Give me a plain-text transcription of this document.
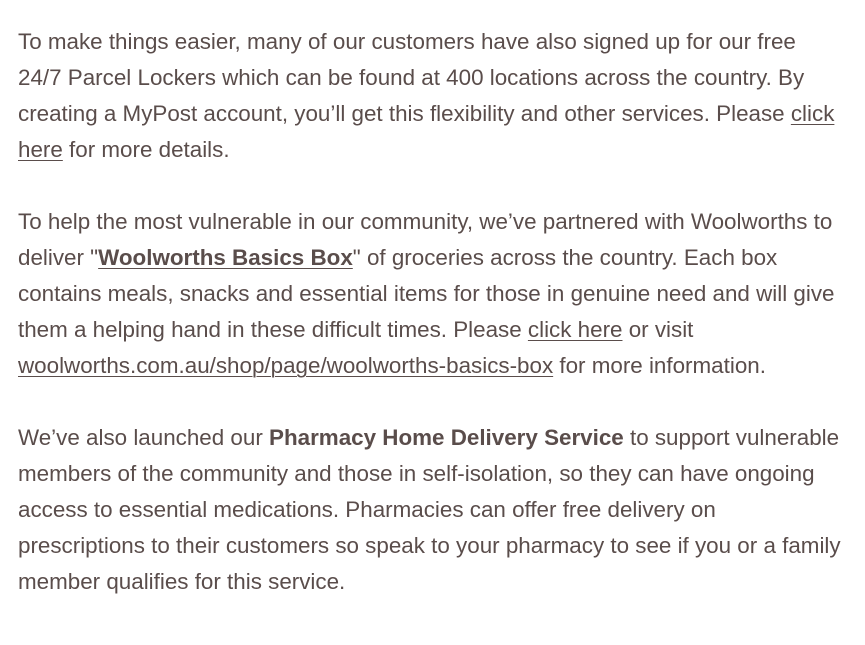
To make things easier, many of our customers have also signed up for our free 24/7 Parcel Lockers which can be found at 400 locations across the country. By creating a MyPost account, you’ll get this flexibility and other services. Please click here for more details.

To help the most vulnerable in our community, we’ve partnered with Woolworths to deliver "Woolworths Basics Box" of groceries across the country. Each box contains meals, snacks and essential items for those in genuine need and will give them a helping hand in these difficult times. Please click here or visit woolworths.com.au/shop/page/woolworths-basics-box for more information.

We’ve also launched our Pharmacy Home Delivery Service to support vulnerable members of the community and those in self-isolation, so they can have ongoing access to essential medications. Pharmacies can offer free delivery on prescriptions to their customers so speak to your pharmacy to see if you or a family member qualifies for this service.
